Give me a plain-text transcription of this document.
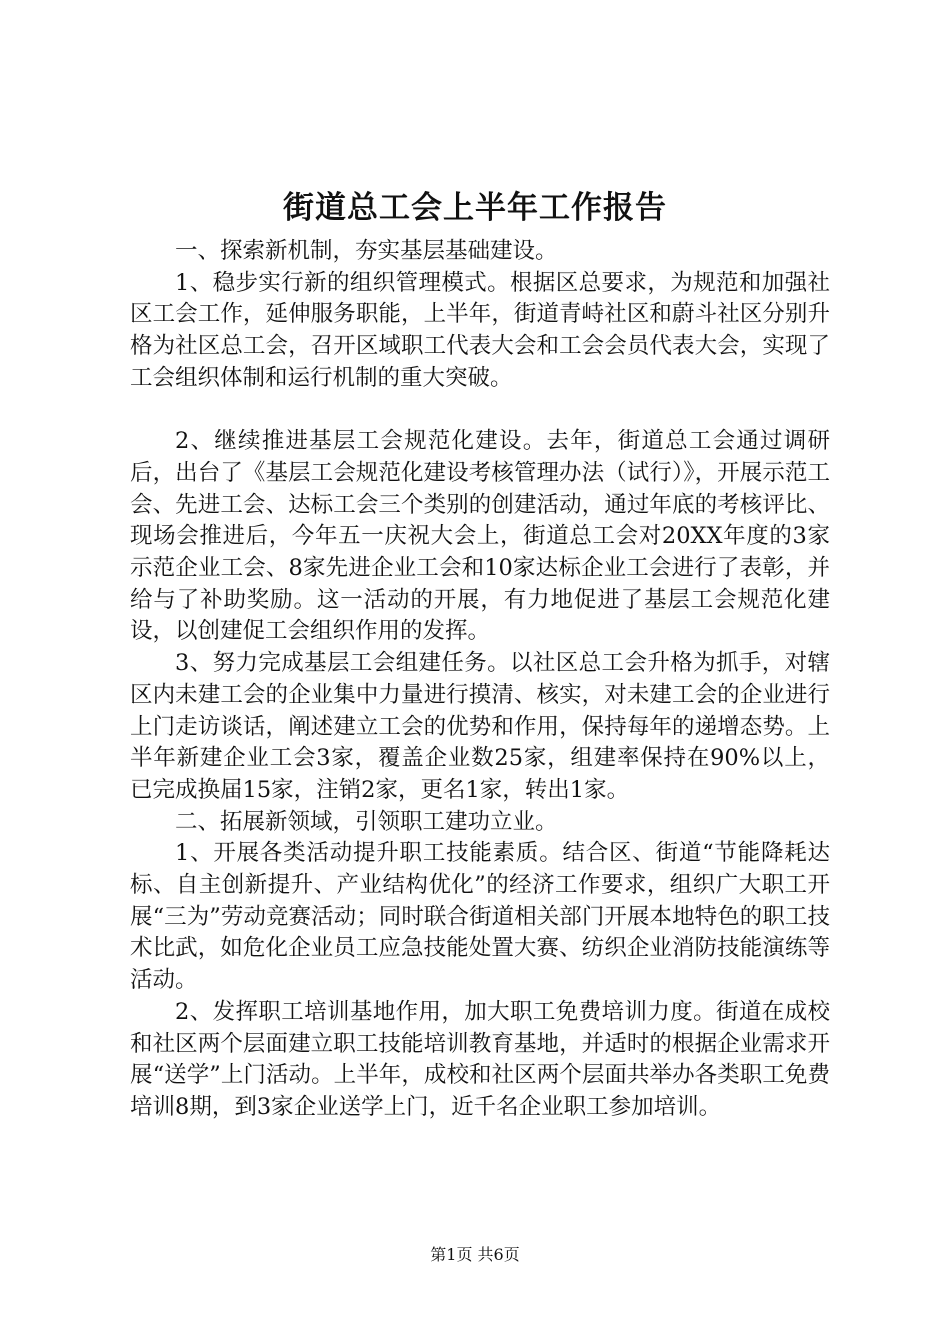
街道总工会上半年工作报告

一、探索新机制，夯实基层基础建设。

1、稳步实行新的组织管理模式。根据区总要求，为规范和加强社区工会工作，延伸服务职能，上半年，街道青峙社区和蔚斗社区分别升格为社区总工会，召开区域职工代表大会和工会会员代表大会，实现了工会组织体制和运行机制的重大突破。

2、继续推进基层工会规范化建设。去年，街道总工会通过调研后，出台了《基层工会规范化建设考核管理办法（试行）》，开展示范工会、先进工会、达标工会三个类别的创建活动，通过年底的考核评比、现场会推进后，今年五一庆祝大会上，街道总工会对20XX年度的3家示范企业工会、8家先进企业工会和10家达标企业工会进行了表彰，并给与了补助奖励。这一活动的开展，有力地促进了基层工会规范化建设，以创建促工会组织作用的发挥。

3、努力完成基层工会组建任务。以社区总工会升格为抓手，对辖区内未建工会的企业集中力量进行摸清、核实，对未建工会的企业进行上门走访谈话，阐述建立工会的优势和作用，保持每年的递增态势。上半年新建企业工会3家，覆盖企业数25家，组建率保持在90%以上，已完成换届15家，注销2家，更名1家，转出1家。

二、拓展新领域，引领职工建功立业。

1、开展各类活动提升职工技能素质。结合区、街道“节能降耗达标、自主创新提升、产业结构优化”的经济工作要求，组织广大职工开展“三为”劳动竞赛活动；同时联合街道相关部门开展本地特色的职工技术比武，如危化企业员工应急技能处置大赛、纺织企业消防技能演练等活动。

2、发挥职工培训基地作用，加大职工免费培训力度。街道在成校和社区两个层面建立职工技能培训教育基地，并适时的根据企业需求开展“送学”上门活动。上半年，成校和社区两个层面共举办各类职工免费培训8期，到3家企业送学上门，近千名企业职工参加培训。

第1页 共6页
